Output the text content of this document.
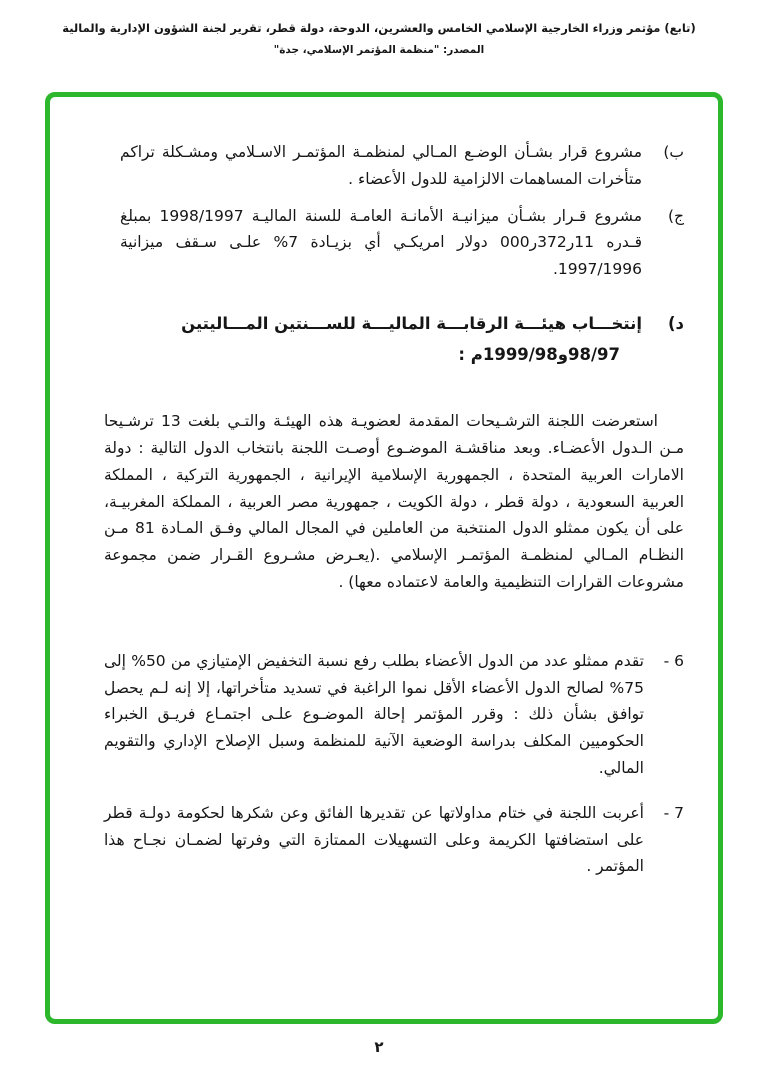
(تابع) مؤتمر وزراء الخارجية الإسلامي الخامس والعشرين، الدوحة، دولة قطر، تقرير لجنة الشؤون الإدارية والمالية
المصدر: "منظمة المؤتمر الإسلامي، جدة"
ب)
مشروع قرار بشـأن الوضـع المـالي لمنظمـة المؤتمـر الاسـلامي ومشـكلة تراكم متأخرات المساهمات الالزامية للدول الأعضاء .
ج)
مشروع قـرار بشـأن ميزانيـة الأمانـة العامـة للسنة الماليـة 1998/1997 بمبلغ قـدره 11ر372ر000 دولار امريكـي أي بزيـادة 7% علـى سـقف ميزانية 1997/1996.
د)
إنتخـــاب هيئـــة الرقابـــة الماليـــة للســـنتين المـــاليتين
98/97و1999/98م :
استعرضت اللجنة الترشـيحات المقدمة لعضويـة هذه الهيئـة والتـي بلغت 13 ترشـيحا مـن الـدول الأعضـاء. وبعد مناقشـة الموضـوع أوصـت اللجنة بانتخاب الدول التالية : دولة الامارات العربية المتحدة ، الجمهورية الإسلامية الإيرانية ، الجمهورية التركية ، المملكة العربية السعودية ، دولة قطر ، دولة الكويت ، جمهورية مصر العربية ، المملكة المغربيـة، على أن يكون ممثلو الدول المنتخبة من العاملين في المجال المالي وفـق المـادة 81 مـن النظـام المـالي لمنظمـة المؤتمـر الإسلامي .(يعـرض مشـروع القـرار ضمن مجموعة مشروعات القرارات التنظيمية والعامة لاعتماده معها) .
6 -
تقدم ممثلو عدد من الدول الأعضاء بطلب رفع نسبة التخفيض الإمتيازي من 50% إلى 75% لصالح الدول الأعضاء الأقل نموا الراغبة في تسديد متأخراتها، إلا إنه لـم يحصل توافق بشأن ذلك : وقرر المؤتمر إحالة الموضـوع علـى اجتمـاع فريـق الخبراء الحكوميين المكلف بدراسة الوضعية الآنية للمنظمة وسبل الإصلاح الإداري والتقويم المالي.
7 -
أعربت اللجنة في ختام مداولاتها عن تقديرها الفائق وعن شكرها لحكومة دولـة قطر على استضافتها الكريمة وعلى التسهيلات الممتازة التي وفرتها لضمـان نجـاح هذا المؤتمر .
٢
